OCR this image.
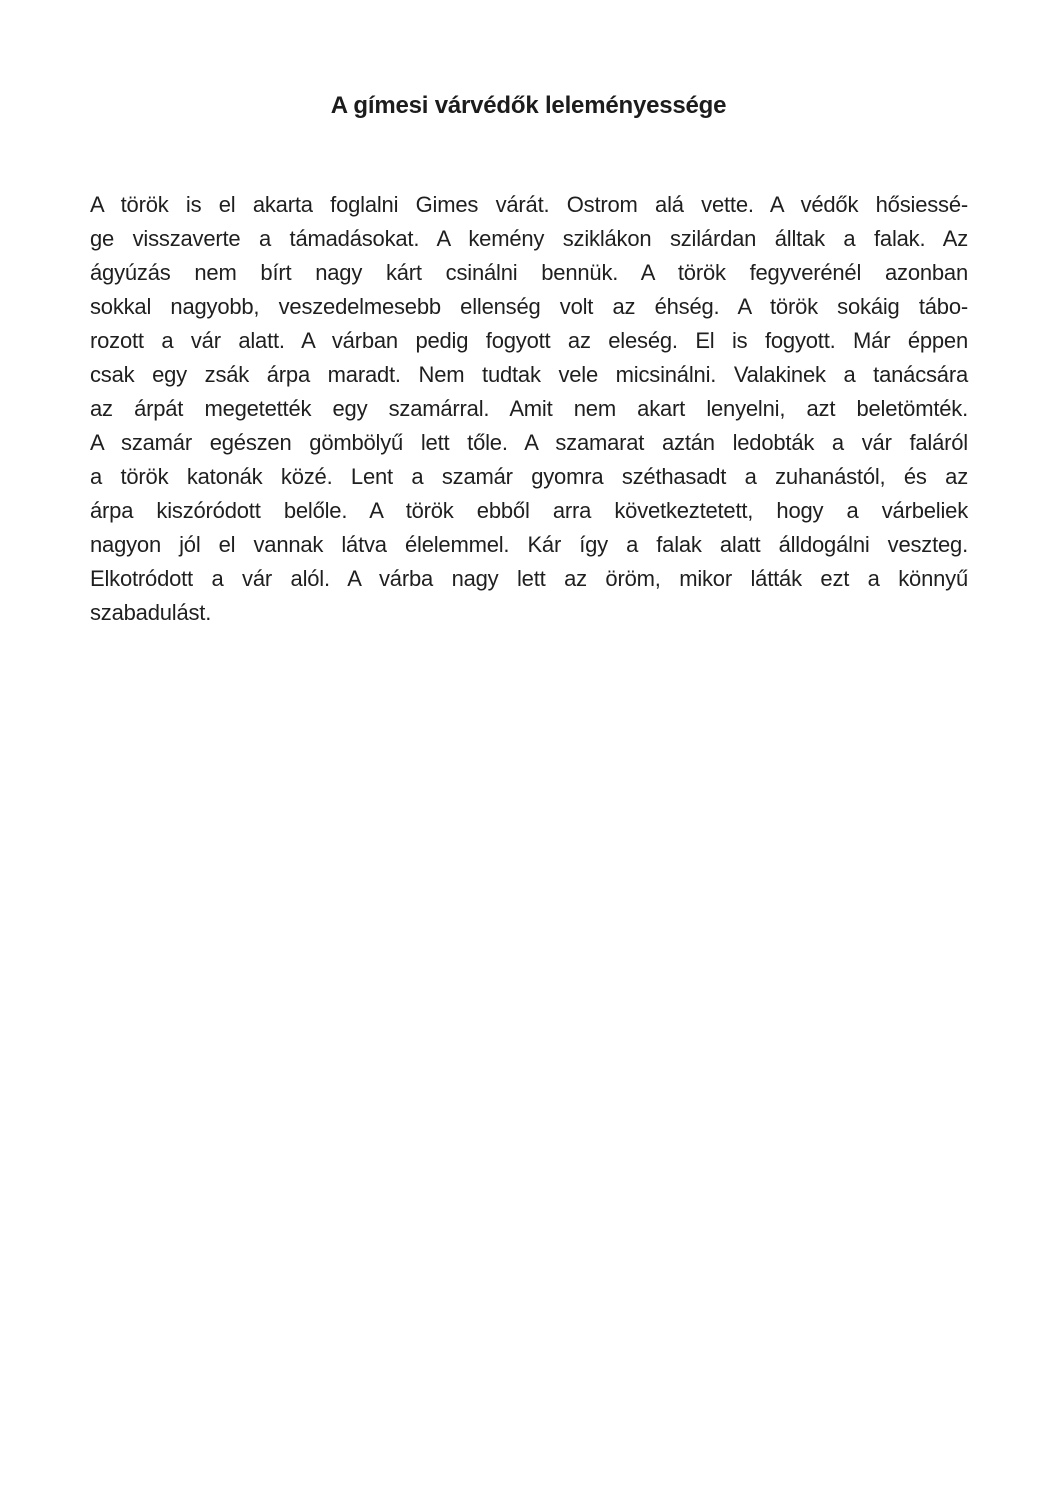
A gímesi várvédők leleményessége
A török is el akarta foglalni Gimes várát. Ostrom alá vette. A védők hősiessé-
ge visszaverte a támadásokat. A kemény sziklákon szilárdan álltak a falak. Az
ágyúzás nem bírt nagy kárt csinálni bennük. A török fegyverénél azonban
sokkal nagyobb, veszedelmesebb ellenség volt az éhség. A török sokáig tábo-
rozott a vár alatt. A várban pedig fogyott az eleség. El is fogyott. Már éppen
csak egy zsák árpa maradt. Nem tudtak vele micsinálni. Valakinek a tanácsára
az árpát megetették egy szamárral. Amit nem akart lenyelni, azt beletömték.
A szamár egészen gömbölyű lett tőle. A szamarat aztán ledobták a vár faláról
a török katonák közé. Lent a szamár gyomra széthasadt a zuhanástól, és az
árpa kiszóródott belőle. A török ebből arra következtetett, hogy a várbeliek
nagyon jól el vannak látva élelemmel. Kár így a falak alatt álldogálni veszteg.
Elkotródott a vár alól. A várba nagy lett az öröm, mikor látták ezt a könnyű
szabadulást.
